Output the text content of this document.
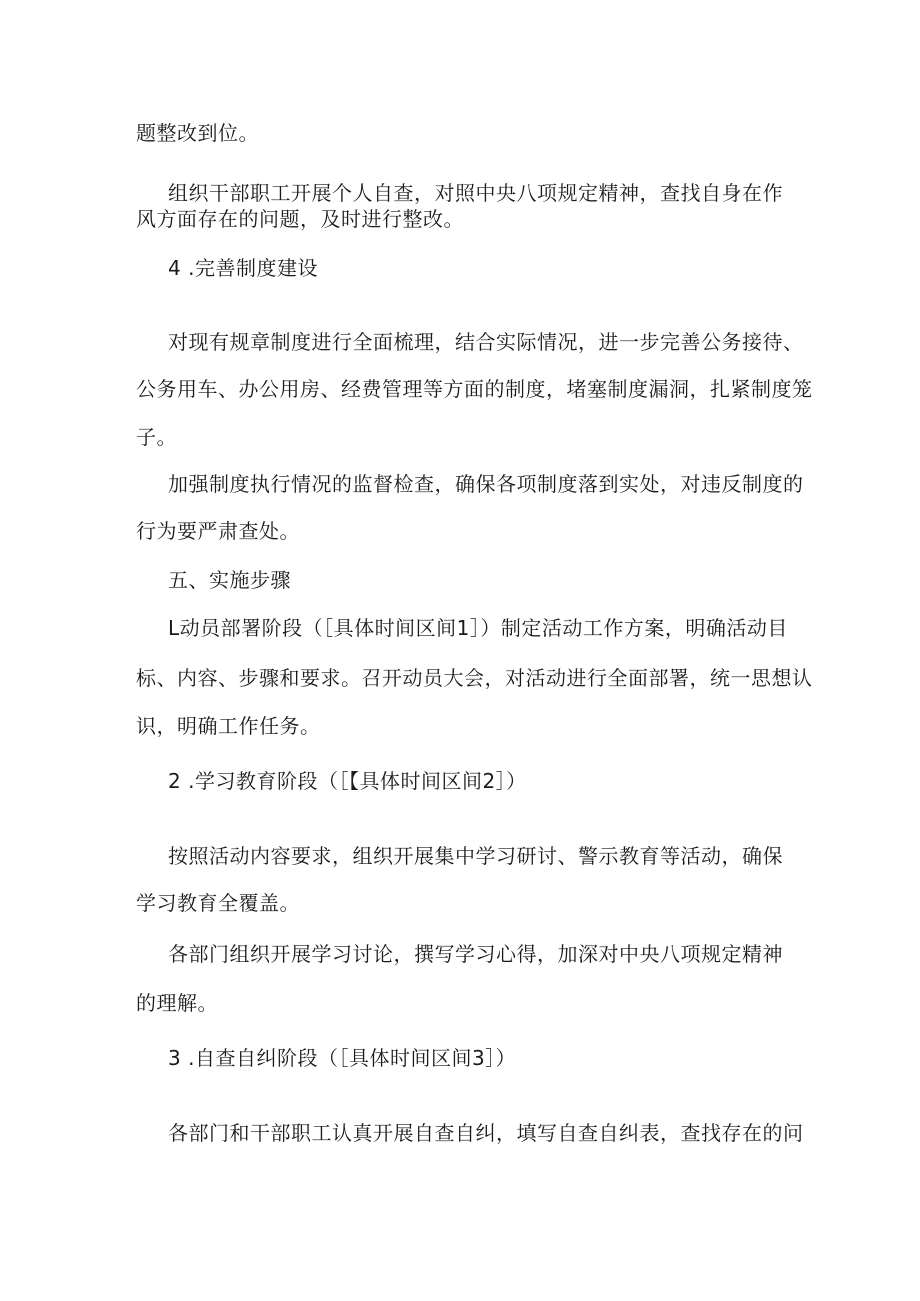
题整改到位。
组织干部职工开展个人自查，对照中央八项规定精神，查找自身在作
风方面存在的问题，及时进行整改。
4 .完善制度建设
对现有规章制度进行全面梳理，结合实际情况，进一步完善公务接待、
公务用车、办公用房、经费管理等方面的制度，堵塞制度漏洞，扎紧制度笼
子。
加强制度执行情况的监督检查，确保各项制度落到实处，对违反制度的
行为要严肃查处。
五、实施步骤
L动员部署阶段（［具体时间区间1］）制定活动工作方案，明确活动目
标、内容、步骤和要求。召开动员大会，对活动进行全面部署，统一思想认
识，明确工作任务。
2 .学习教育阶段（［【具体时间区间2］）
按照活动内容要求，组织开展集中学习研讨、警示教育等活动，确保
学习教育全覆盖。
各部门组织开展学习讨论，撰写学习心得，加深对中央八项规定精神
的理解。
3 .自查自纠阶段（［具体时间区间3］）
各部门和干部职工认真开展自查自纠，填写自查自纠表，查找存在的问
